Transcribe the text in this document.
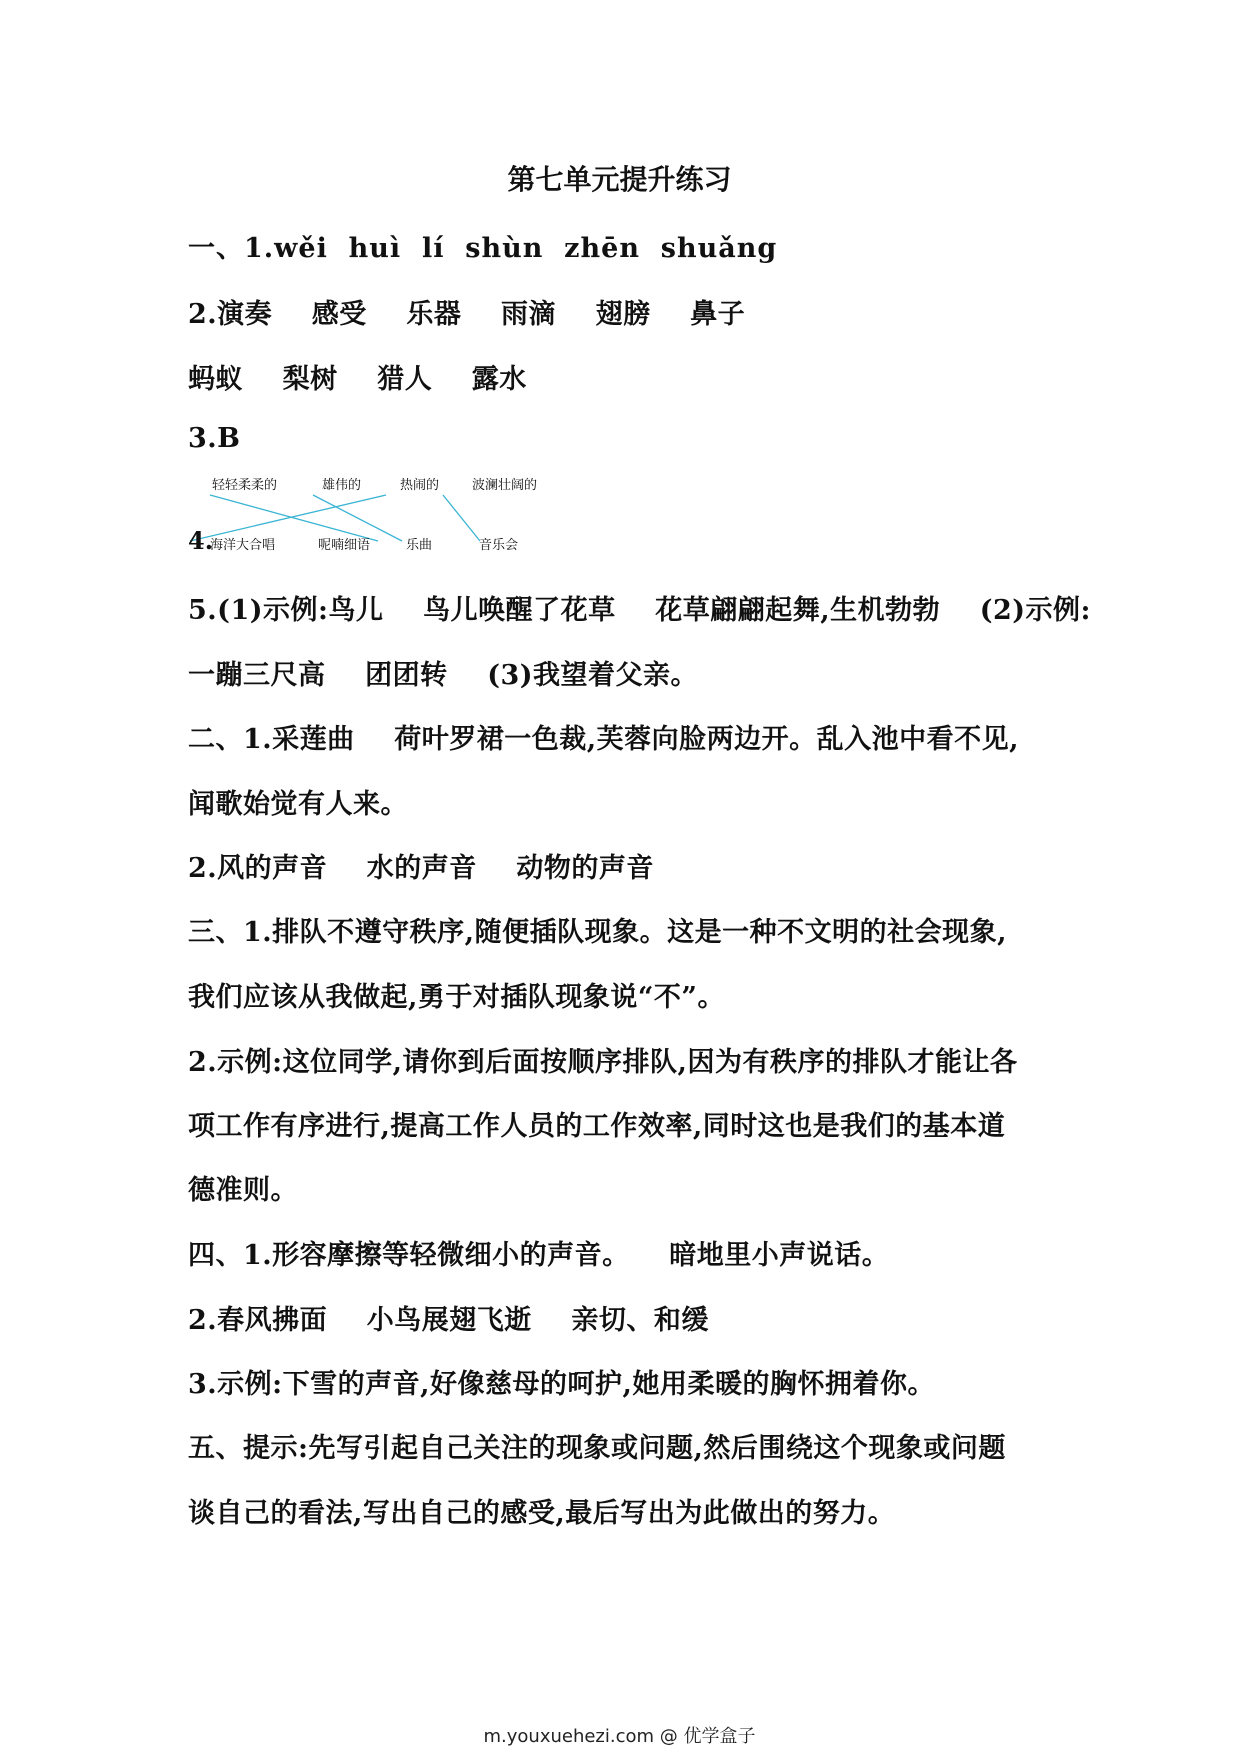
第七单元提升练习
一、1.wěi  huì  lí  shùn  zhēn  shuǎng
2.演奏    感受    乐器    雨滴    翅膀    鼻子
蚂蚁    梨树    猎人    露水
3.B
轻轻柔柔的	雄伟的	热闹的	波澜壮阔的
4.
海洋大合唱	呢喃细语	乐曲	音乐会
5.(1)示例:鸟儿    鸟儿唤醒了花草    花草翩翩起舞,生机勃勃    (2)示例:
一蹦三尺高    团团转    (3)我望着父亲。
二、1.采莲曲    荷叶罗裙一色裁,芙蓉向脸两边开。乱入池中看不见,
闻歌始觉有人来。
2.风的声音    水的声音    动物的声音
三、1.排队不遵守秩序,随便插队现象。这是一种不文明的社会现象,
我们应该从我做起,勇于对插队现象说“不”。
2.示例:这位同学,请你到后面按顺序排队,因为有秩序的排队才能让各
项工作有序进行,提高工作人员的工作效率,同时这也是我们的基本道
德准则。
四、1.形容摩擦等轻微细小的声音。    暗地里小声说话。
2.春风拂面    小鸟展翅飞逝    亲切、和缓
3.示例:下雪的声音,好像慈母的呵护,她用柔暖的胸怀拥着你。
五、提示:先写引起自己关注的现象或问题,然后围绕这个现象或问题
谈自己的看法,写出自己的感受,最后写出为此做出的努力。
m.youxuehezi.com @ 优学盒子
